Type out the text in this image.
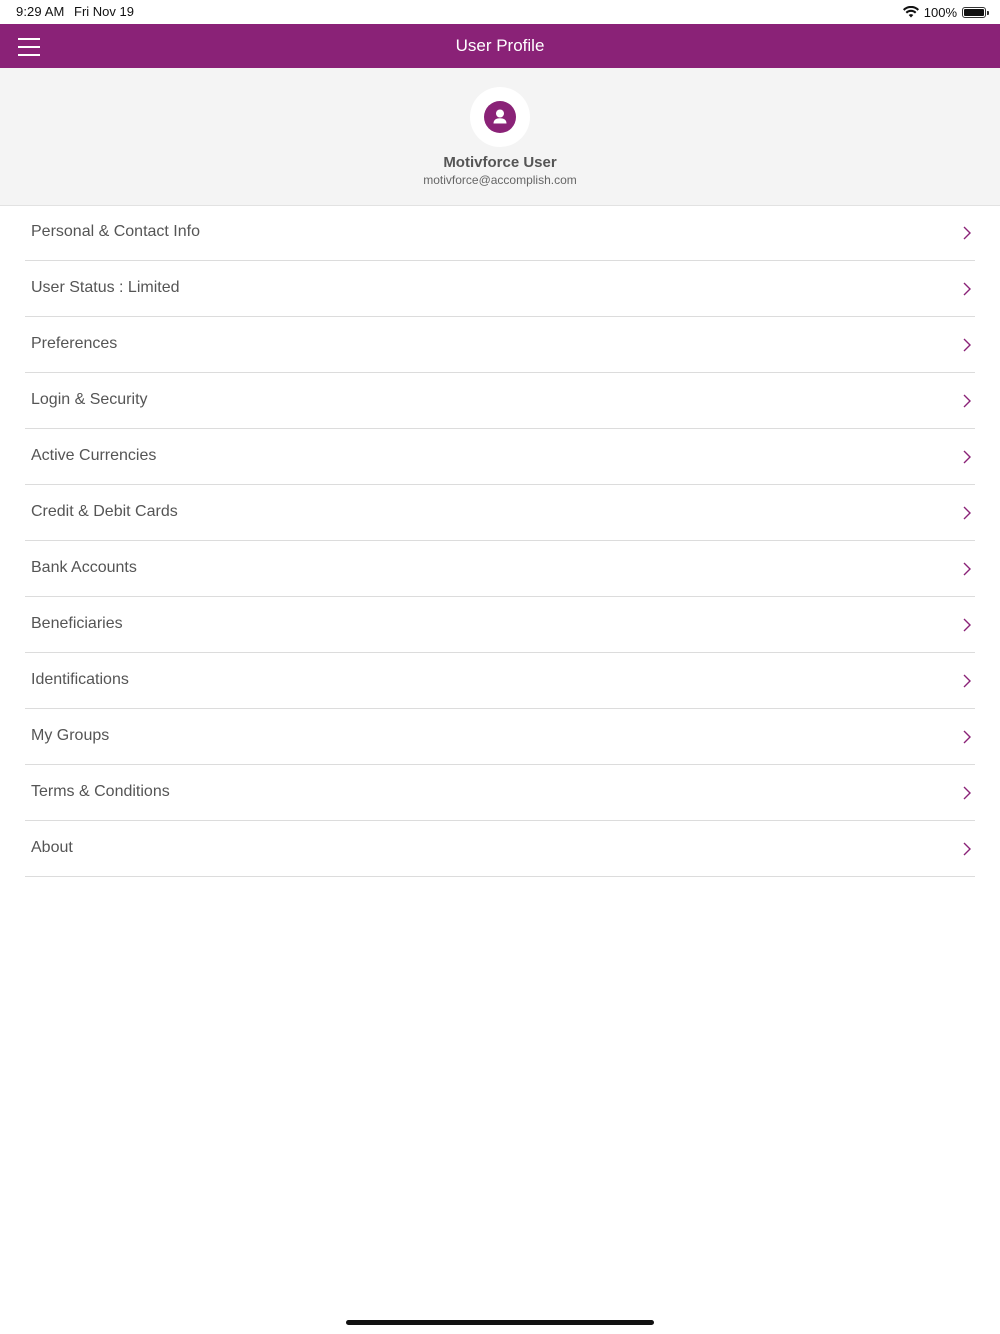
9:29 AM Fri Nov 19	100%
User Profile
Motivforce User
motivforce@accomplish.com
Personal & Contact Info
User Status : Limited
Preferences
Login & Security
Active Currencies
Credit & Debit Cards
Bank Accounts
Beneficiaries
Identifications
My Groups
Terms & Conditions
About
